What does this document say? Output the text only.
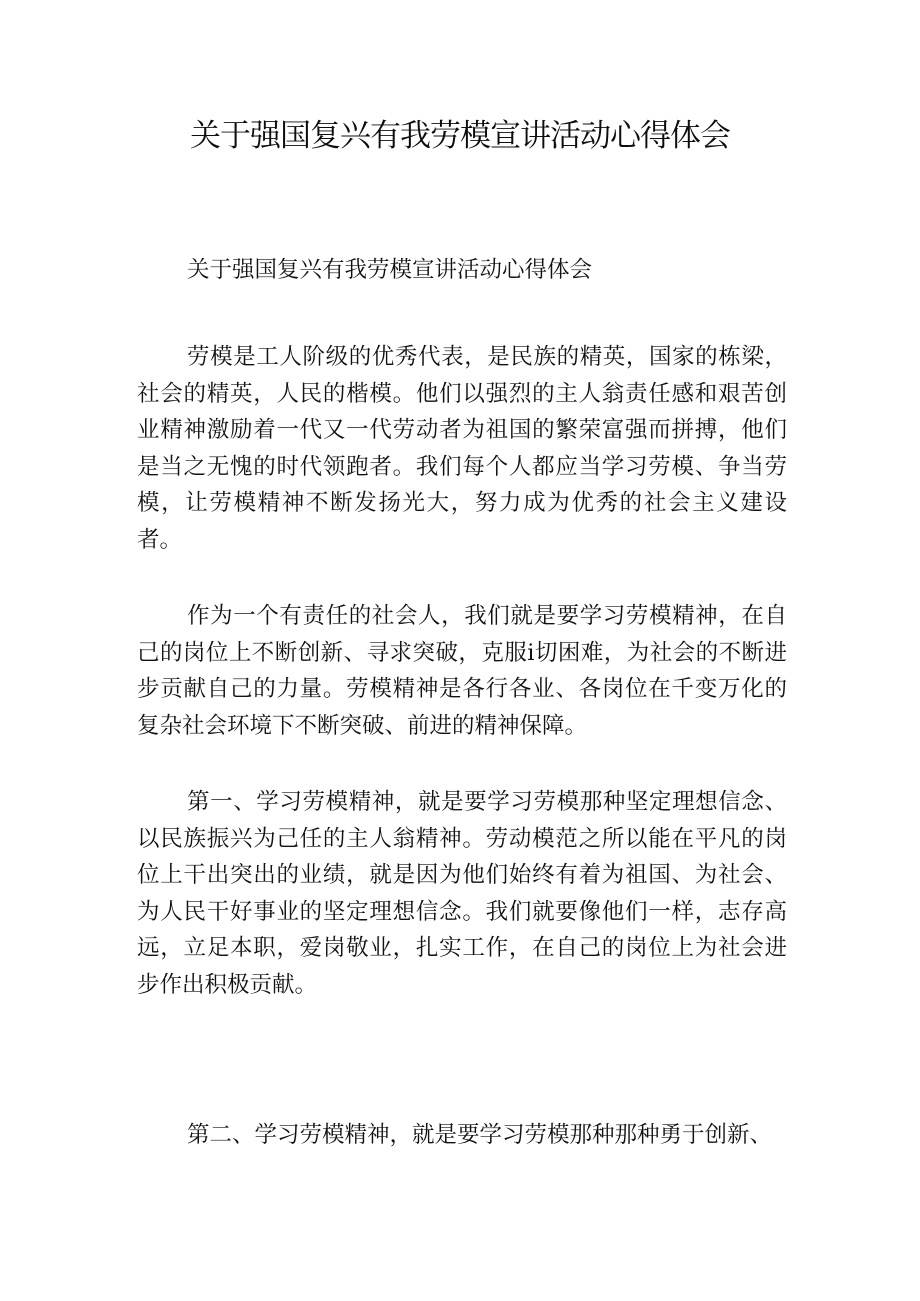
关于强国复兴有我劳模宣讲活动心得体会

关于强国复兴有我劳模宣讲活动心得体会

劳模是工人阶级的优秀代表，是民族的精英，国家的栋梁，社会的精英，人民的楷模。他们以强烈的主人翁责任感和艰苦创业精神激励着一代又一代劳动者为祖国的繁荣富强而拼搏，他们是当之无愧的时代领跑者。我们每个人都应当学习劳模、争当劳模，让劳模精神不断发扬光大，努力成为优秀的社会主义建设者。

作为一个有责任的社会人，我们就是要学习劳模精神，在自己的岗位上不断创新、寻求突破，克服i切困难，为社会的不断进步贡献自己的力量。劳模精神是各行各业、各岗位在千变万化的复杂社会环境下不断突破、前进的精神保障。

第一、学习劳模精神，就是要学习劳模那种坚定理想信念、以民族振兴为己任的主人翁精神。劳动模范之所以能在平凡的岗位上干出突出的业绩，就是因为他们始终有着为祖国、为社会、为人民干好事业的坚定理想信念。我们就要像他们一样，志存高远，立足本职，爱岗敬业，扎实工作，在自己的岗位上为社会进步作出积极贡献。

第二、学习劳模精神，就是要学习劳模那种那种勇于创新、
